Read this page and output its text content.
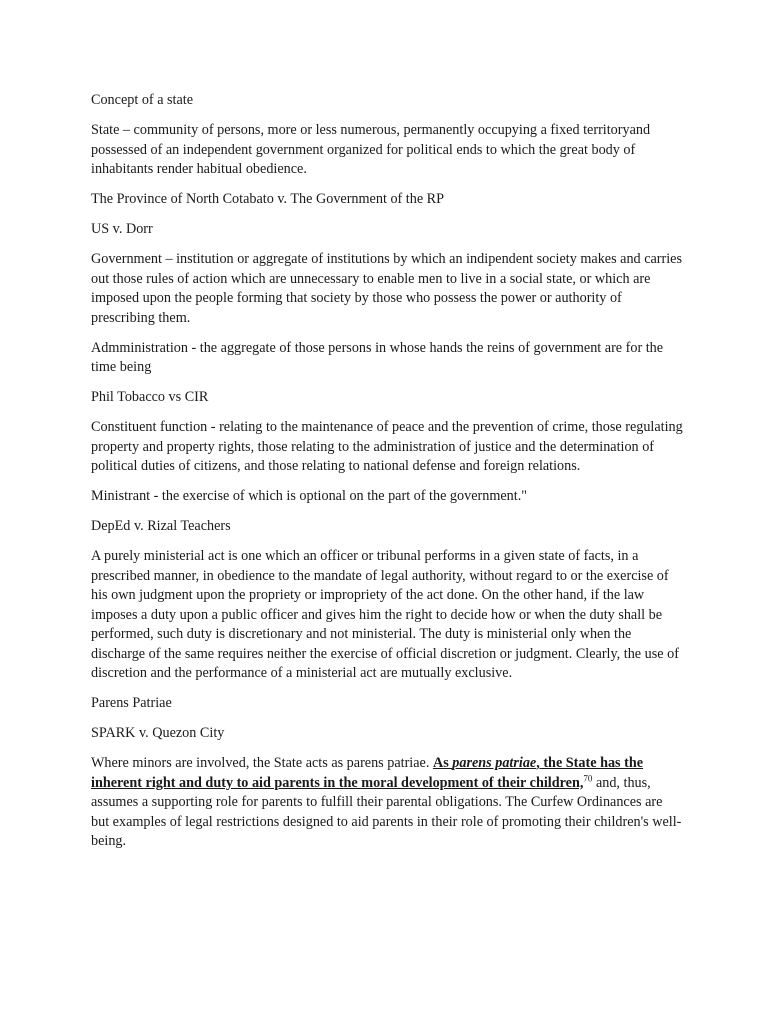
Concept of a state

State – community of persons, more or less numerous, permanently occupying a fixed territoryand possessed of an independent government organized for political ends to which the great body of inhabitants render habitual obedience.

The Province of North Cotabato v. The Government of the RP

US v. Dorr

Government – institution or aggregate of institutions by which an indipendent society makes and carries out those rules of action which are unnecessary to enable men to live in a social state, or which are imposed upon the people forming that society by those who possess the power or authority of prescribing them.

Admministration - the aggregate of those persons in whose hands the reins of government are for the time being

Phil Tobacco vs CIR

Constituent function - relating to the maintenance of peace and the prevention of crime, those regulating property and property rights, those relating to the administration of justice and the determination of political duties of citizens, and those relating to national defense and foreign relations.

Ministrant - the exercise of which is optional on the part of the government."

DepEd v. Rizal Teachers

A purely ministerial act is one which an officer or tribunal performs in a given state of facts, in a prescribed manner, in obedience to the mandate of legal authority, without regard to or the exercise of his own judgment upon the propriety or impropriety of the act done. On the other hand, if the law imposes a duty upon a public officer and gives him the right to decide how or when the duty shall be performed, such duty is discretionary and not ministerial. The duty is ministerial only when the discharge of the same requires neither the exercise of official discretion or judgment. Clearly, the use of discretion and the performance of a ministerial act are mutually exclusive.

Parens Patriae

SPARK v. Quezon City

Where minors are involved, the State acts as parens patriae. As parens patriae, the State has the inherent right and duty to aid parents in the moral development of their children,$^{70}$ and, thus, assumes a supporting role for parents to fulfill their parental obligations. The Curfew Ordinances are but examples of legal restrictions designed to aid parents in their role of promoting their children's well-being.
